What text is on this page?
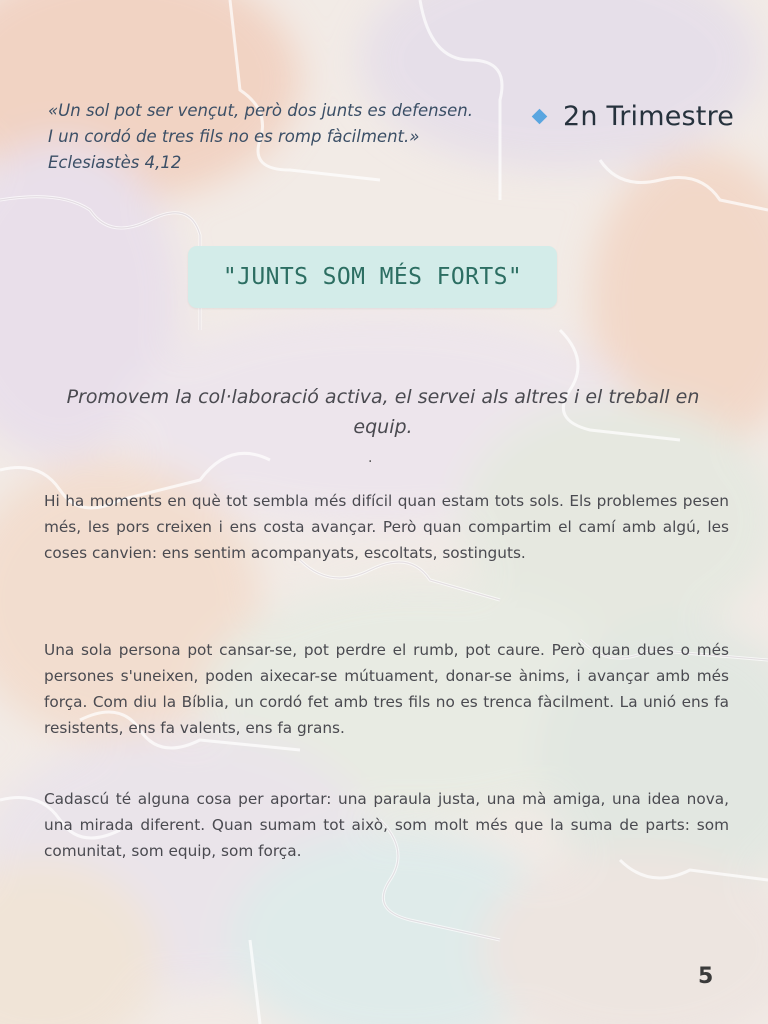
«Un sol pot ser vençut, però dos junts es defensen. I un cordó de tres fils no es romp fàcilment.»
Eclesiastès 4,12
2n Trimestre
"JUNTS SOM MÉS FORTS"
Promovem la col·laboració activa, el servei als altres i el treball en equip.
.

Hi ha moments en què tot sembla més difícil quan estam tots sols. Els problemes pesen més, les pors creixen i ens costa avançar. Però quan compartim el camí amb algú, les coses canvien: ens sentim acompanyats, escoltats, sostinguts.

Una sola persona pot cansar-se, pot perdre el rumb, pot caure. Però quan dues o més persones s'uneixen, poden aixecar-se mútuament, donar-se ànims, i avançar amb més força. Com diu la Bíblia, un cordó fet amb tres fils no es trenca fàcilment. La unió ens fa resistents, ens fa valents, ens fa grans.

Cadascú té alguna cosa per aportar: una paraula justa, una mà amiga, una idea nova, una mirada diferent. Quan sumam tot això, som molt més que la suma de parts: som comunitat, som equip, som força.

5
